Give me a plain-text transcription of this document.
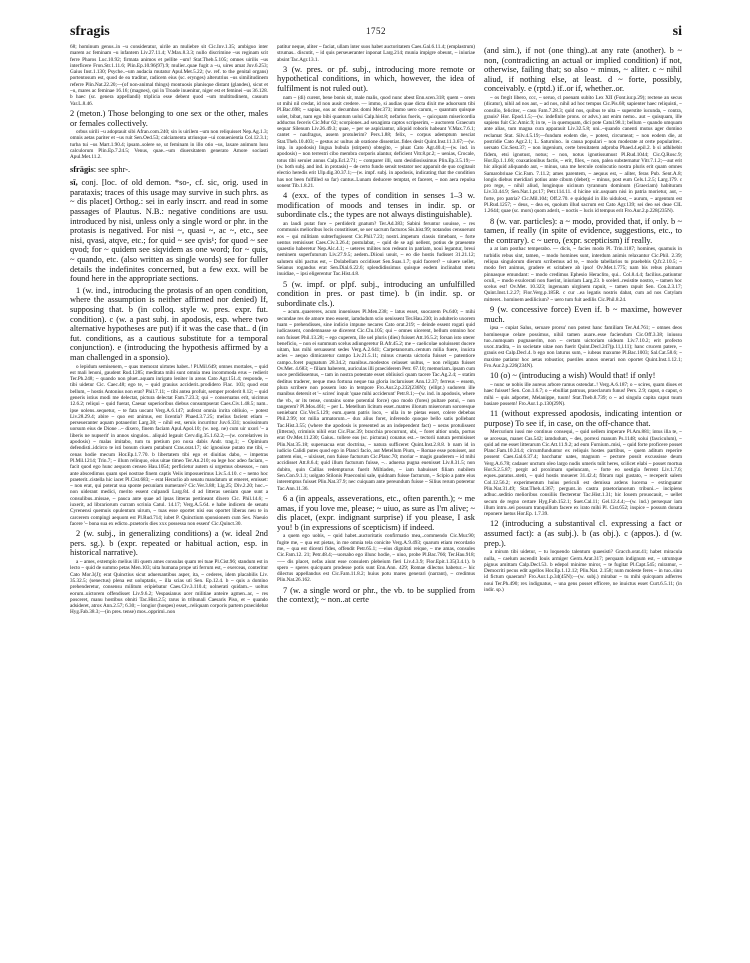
sfragis	1752	si

68; hominum genus..in ~u consideratur, uirile an muliebre sit Cic.Inv.1.35; ambiguo inter marem ac feminam ~u infantem Liv.27.11.4; V.Max.8.3.3; nullo discrimine ~us reginam scit ferre Pharos Luc.10.92; firmata animos et pellite ~um! Stat.Theb.5.105; omnes uirilis ~us interficere Fron.Str.1.11.6; Plin.Ep.10.96(97).9; mulier..quae fugit a ~u, uires amat Juv.6.253; Gaius Inst.1.130; Psyche..~um audacia mutatur Apul.Met.5.22; (w. ref. to the genital organs) portentosum est, quod de ea traditur, radicem eius (sc. erynges) alterutrius ~us similitudinem referre Plin.Nat.22.20;—(of non-animal things) montuosis planisque distant (glandes), sicut et ~u, mares ac feminae 16.16; (magnes), qui in Troade inuenitur, niger est et feminei ~us 36.128. b haec (sc. genera appellandi) triplicia esse debent quod ~um multitudinem, casuum Var.L.8.46.

2 (meton.) Those belonging to one sex or the other, males or females collectively.

orbus uirili ~u adoptauit sibi Afran.com.240; sin is uirilem ~um non reliquisset Nep.Ag.1.3; omnis aetas pariter et ~us ruit Sen.Oed.53; calciamenta utriusque ~ui conuenientia Col.12.3.1; turba tui ~us Mart.1.90.4; ipsam..solere se, ut feminam in illo otio ~us, laxare animum lusu calculorum Plin.Ep.7.24.5; Venus, quae..~um diuersitatem generato Amore sociasti Apul.Met.11.2.

sfrāgis: see sphr-.

sī, conj. [loc. of old demon. *so-, cf. sic, orig. used in parataxis; traces of this usage may survive in such phrs. as ~ dis placet] Orthog.: sei in early inscrr. and read in some passages of Plautus. N.B.: negative conditions are usu. introduced by nisi, unless only a single word or phr. in the protasis is negatived. For nisi ~, quasi ~, ac ~, etc., see nisi, qvasi, atqve, etc.; for quid ~ see qvis¹; for quod ~ see qvod; for ~ quidem see siqvidem as one word; for ~ quis, ~ quando, etc. (also written as single words) see for fuller details the indefinites concerned, but a few exx. will be found here in the appropriate sections.

1 (w. ind., introducing the protasis of an open condition, where the assumption is neither affirmed nor denied) If, supposing that. b (in colloq. style w. pres. expr. fut. condition). c (w. a past subj. in apodosis, esp. where two alternative hypotheses are put) if it was the case that.. d (in fut. conditions, as a cautious substitute for a temporal conjunction). e (introducing the hypothesis affirmed by a man challenged in a sponsio).

o lepidum semisenem, ~ quas memorat uirtutes habet..! Pl.Mil.649; omnes mortales, ~ quid est mali lenoni, gaudent Rud.1285; meditata mihi sunt omnia mea incommoda erus ~ redierit Ter.Ph.248; ~ quando non pluet..aquam inrigato leniter in areas Cato Agr.151.4; responde, ~ tibi uidetur Cic. Caec.48; ego te, ~ quid grauius acciderit..prodidero Flac. 103; quod erat bellum, ~ hostis Antonius non erat? Phil.7.11; ~ tibi antea profuit, semper proderit 8.12; ~ quid generis istius modi me delectat, pictura delectat Fam.7.23.3; qui ~ conseruatus erit, uicimus 12.6.2; reliqui ~ quid fuerat, Caesar superioribus diebus consumpserat Caes.Civ.1.48.5; nam.. ipse uolens..sequetur, ~ te fata uocant Verg.A.6.147; auferat omnia inrita obliuio, ~ potest Liv.28.29.4; abire ~ quo est animus, est licentia? Phaed.3.7.25; melius facient etiam ~ perseueranter aquam potauerint Larg.38; ~ nihil est, seruis incurritur Juv.6.331; nouissimum uorsum eius de Dione ..~ dixero, finem faciam Apul.Apol.10; (w. neg. ne) cum uir uxori '~ a liberis ne nupserit' in annos singulos.. aliquid legauit Cerv.dig.35.1.62.2;—(w. correlatives in apodosis) ~ malas imitabo, tum tu pretium pro noxa dabis Andr. trag.1; ~ Opimium defendisti..idcirco te isti bonum ciuem putabunt Cras.orat.17; sic ignouisse putato me tibi, ~ cenas hodie mecum Hor.Ep.1.7.70. b libertatem tibi ego et diuitias dabo, ~ impetras Pl.Mil.1214; Trin.7; ~ illum relinquo, eius uitae timeo Ter.An.210; ea lege hoc adeo faciam, ~ facit quod ego hunc aequom censeo Hau.1054; perficietur autem si urgemus obsessos, ~ non ante abscedimus quam spei nostrae finem captis Veiis imposuerimus Liv.5.4.10. c ~ nemo hoc praeterit..cistella hic iacet Pl.Cist.683; ~ erat Heraclio ab senatu mandatum ut emeret, emisset: ~ non erat, qui poterat sua sponte pecuniam numerare? Cic.Ver.3.88; Lig.25; Div.2.20; hoc..~ non uiderant medici, merito essent culpandi Larg.84. d ad litteras ueniam quae sunt a consulibus..missae, ~ pauca ante quae ad ipsas litteras pertineant dixero Cic. Phil.14.6; ~ iuxerit, ad librariorum curram scrinia Catul. 14.17; Verg.A.5.64. e habe indicem de senatu Cyrenensi quemuis opulentum uirum, ~ tuas esse oportet nisi eas oportet liberas neu te in carcerem compingi aequom est Pl.Rud.714; iubet P. Quinctium sponsionem cum Sex. Naeuio facere '~ bona sua ex edicto..praetoris dies xxx possessa non essent' Cic.Quinct.30.

2 (w. subj., in generalizing conditions) a (w. ideal 2nd pers. sg.). b (expr. repeated or habitual action, esp. in historical narrative).

a ~ ames, extemplo melius illi quem ames consulas quam rei tuae Pl.Cist.96; standum est in lecto ~ quid de summo petas Men.103; uita humana prope uti ferrum est, ~ exerceas, conteritur Cato Mor.3(J); erat Quinctius sicut aduersantibus asper, ita, ~ cederes, idem placabilis Liv. 35.32.5; (senectus) plena est uoluptatis, ~ illa scias uti Sen. Ep.12.4. b ~ quis a domino prehenderetur, consensu militum eripiebatur Caes.Civ.3.110.4; uolnerati quidam..~ uoltus eorum..uictorem offendisset Liv.9.6.2; Vespasianus acer militiae anteire agmen..ac, ~ res posceret, manu hostibus obniti Tac.Hist.2.5; rarus in tribunali Caesaris Piso, et ~ quando adsideret, atrox Ann.2.57; 6.30; ~ longior (hospes) esset,..reliquam corporis partem praecidebat Hyg.Fab.38.3;—(in pres. tense) mos..opprimi..non

patitur neque, aliter ~ faciat, ullam inter suos habet auctoritatem Caes.Gal.6.11.4; (emplastrum) strumas.. discutit, ~ id quis perseueranter inponat Larg.214; munia impigre obeunt, ~ iniuriae absint Tac.Agr.13.1.

3 (w. pres. or pf. subj., introducing more remote or hypothetical conditions, in which, however, the idea of fulfilment is not ruled out).

nam ~ (di) curent, bene bonis sit, male malis, quod nunc abest Enn.scen.318; quem ~ orem ut mihi nil credat, id non ausit credere. — immo, si audias quae dicta dixit me aduorsum tibi Pl.Bac.698; ~ sapias, eas ac decumbas domi Mer.373; immo uero carum, ~ quantum quisque uolet, bibat, nam ego bibi quantum uolui Calp.hist.8; nefarius fueris, ~ quicquam misericordia adductus feceris Cic.Mur 62; scorpiones..ad sexaginta captos scripserim, ~ auctorem Graecum sequar Silenum Liv.26.49.3; quae, ~ per se aspiciantur, aliquid roboris habeant V.Max.7.6.1; cantet ~ naufragus, assem protulerim? Pers.1.88; felix, ~ corpus ademptum nesciat Stat.Theb.10.403; ~ gestus ac uultus ab oratione dissentiat..fides desit Quint.Inst.11.3.67;—(w. imp. in apodosis) lingua bubula (stirpem) obtegito, ~ pluat Cato Agr.40.4;—(w. ind. in apodosis) ~ non terrestri cibo membra corporis alantur, deficient Vitr.8.pr.2; ~ uenias, Crocale, totus tibi seruiet annus Calp.Ecl.2.71; ~ comparer illi, sum desidiosissimus Plin.Ep.3.5.19;—(w. both subj. and ind. in protasis) ~ de certo fundo sensit testator nec apparuit de quo cogitauit electio heredis erit Ulp.dig.30.37.1;—(w. impf. subj. in apodosis, indicating that the condition has not been fulfilled so far) cantus..Lunam deducere temptat, et faceret, ~ non aera repulsa sonent Tib.1.8.21.

4 (exx. of the types of condition in senses 1–3 w. modification of moods and tenses in indir. sp. or subordinate cls.; the types are not always distinguishable).

an laudi putat fore ~ perdiderit gnatum? Ter.Ad.383; Sabini feruntur uouisse, ~ res communis melioribus locis constitisset, se uer sacrum facturos Sis.hist.99; notandos censuerunt eos ~ qui militiam subterfugissent Cic.Phil.7.23; nostri..impetum classis timebant, ~ forte uentus remisisset Caes.Civ.3.26.4; postulabat, ~ quid de se agi uellent, potius de praesente quaestio haberetur Nep.Alc.4.1; ~ ueteres milites non redeant in patriam, noui legantur, breui neminem superfuturum Liv.27.9.5; aedem..Diioui uouit, ~ eo die hostis fudisset 31.21.12; salutem sibi pactus est, ~ Dolabellam occidisset Sen.Suas.1.7; quid faceret? ~ uiuere uellet, Seianus rogandus erat Sen.Dial.6.22.6; splendidissimus quisque eodem inclinabat metu inuidiae, ~ ipsi eligerentur Tac.Hist.4.8.

5 (w. impf. or plpf. subj., introducing an unfulfilled condition in pres. or past time). b (in indir. sp. or subordinate cls.).

~ acum..quaereres, acum inuenisses Pl.Men.238; ~ latus esset, suocarem Ps.640; ~ mihi secundae res de amore meo essent, iamdudum scio uenissent Ter.Hau.230; in adulterio uxorem tuam ~ prehendisses, sine indicio impune necares Cato orat.219; ~ deinde essent rogati quid iudicassent, condemnasse se dicerent Cic.Clu.105; qui ~ omnes uicerent, bellum omnino hoc non fuisset Phil.13.28; ~ ego cuperem, ille uel pluris (dies) fuisset Att.16.5.2; forsan isto uterer beneficio, ~ non ei summum scelus adiungeretur B.Afr.45.2; me ~ caelicolae uoluissent ducere uitam, has mihi seruassent sedes Verg.A.2.641; Carpetanorum..centum milia fuere, inuicta acies ~ aequo dimicaretur campo Liv.21.5.11; minus cruenta uictoria fuisset ~ patentiore campo..foret pugnatum 28.34.2; manibus..modestos celasset uultus, ~ non religata fuisset Ov.Met. 4.683; ~ filiam haberem, auriculas illi praeciderem Petr. 67.10; memoriam..ipsam cum uoce perdidissemus, ~ tam in nostra potestate esset obliuisci quam tacere Tac.Ag.2.4; ~ statim deditus traderer, neque mea fortuna neque tua gloria inclaruisset Ann.12.37; ferreus ~ essem, plura scribere non possem isto in tempore Fro.Aur.2.p.232(236N); (ellipt.) sudorem ille manibus detersit et '~ scires' inquit 'quae mihi acciderunt' Petr.8.1;—(w. ind. in apodosis, where the vb., or its tense, contains some potential force) quo modo (fores) pultare potui, ~ non tangerem? Pl.Mos.461; ~ per L. Metellum licitum esset..matres illorum miserorum sororesque ueniebant Cic.Ver.5.129; eum..quem patris loco, ~ ulla in te pietas esset, colere debebas Phil.2.99; tot milia armatorum..~ dux alius foret, inferendo quoque bello satis pollebant Tac.Hist.3.55; (where the apodosis is presented as an independent fact) ~ ueras protulissent (litteras), criminis nihil erat Cic.Flac.39; bracchia procurrunt, ubi, ~ foret altior unda, portus erat Ov.Met.11.230; Gaius.. tollere eas (sc. picturas) conatus est..~ tectorii natura permisisset Plin.Nat.35.18; superuacua erat doctrina, ~ natura sufficeret Quint.Inst.2.8.8. b nam id in iudicio Calidi putes quod ego in Planci facio, aut Metellum Pium, ~ Romae esse potuisset, aut patrem eius, ~ uixisset, non fuisse facturum Cic.Planc.70; moriar ~ magis gauderem ~ id mihi accidisset Att.8.6.4; quid illum facturum fuisse, ~.. aduersa pugna euenisset Liv.8.31.5; non dubito, quin Callias redempturus fuerit Miltiaden, ~ iam habuisset filiam nubilem Sen.Con.9.1.1; uolgato Stilonis Praeconini sale, quidnam fuisse facturum, ~ Scipio a patre eius interemptus fuisset Plin.Nat.37.9; nec cuiquam ante pereundum fuisse ~ Silius rerum poteretur Tac.Ann.11.36.

6 a (in appeals, asseverations, etc., often parenth.); ~ me amas, if you love me, please; ~ uiuo, as sure as I'm alive; ~ dis placet, (expr. indignant surprise) if you please, I ask you! b (in expressions of scepticism) if indeed.

a quem ego uobis, ~ quid habet..auctoritatis confirmatio mea,..commendo Cic.Mur.90; fugite me, ~ qua est pietas, in me omnia tela conicite Verg.A.9.493; quarum etiam recordatio me, ~ qua est dicenti fides, offendit Petr.65.1; —eius dignitati reique, ~ me amas, consules Cic.Fam.12. 21; Petr.48.4;—uorsabo ego illunc hodie, ~ uiuo, probe Pl.Bac.766; Ter.Hau.918;—~ dis placet, nefas aiunt esse consulem plebeium fieri Liv.4.3.9; Flor.Epit.1.35(3.4.1). b spero ~ speres quicquam prodesse potis sunt Enn.Ann. 429; Romae dilectus habetur..~ hic dilectus appellandus est Cic.Fam.11.8.2; huius potu mares generari (narrant), ~ credimus Plin.Nat.26.162.

7 (w. a single word or phr., the vb. to be supplied from the context); ~ non..at certe

(and sim.), if not (one thing)..at any rate (another). b ~ non, (contradicting an actual or implied condition) if not, otherwise, failing that; so also ~ minus, ~ aliter. c ~ nihil aliud, if nothing else, at least. d ~ forte, possibly, conceivably. e (rptd.) if..or if, whether..or.

~ os fregit libero, ccc, ~ seruo, cl poenam subito Lex XII (Font.iur.p.29); rectene an secus (dicatur), nihil ad nos aut, ~ ad nos, nihil ad hoc tempus Cic.Pis.68; sapienter haec reliquisti, ~ consilio, feliciter, ~ casu Fam.7.28.3; quid nos, quibus te uita ~ superstite iucunda, ~ contra, grauis? Hor. Epod.1.5;—(w. indefinite prons. or advs.) aut enim nemo.. aut ~ quisquam, ille sapiens fuit Cic.Amic.9; in te, ~ in quemquam, dici pote Catul.98.1; bellum ~ quando umquam ante alias, tum magna cura apparauit Liv.32.5.8; uni..~quando canenti mutus ager domino reclamat Stat. Silv.4.5.19;—fundum eodem die, ~ potest, circumeat; ~ non eodem die, at postridie Cato Agr.2.1; L. Saturnino.. in causa populari ~ non moderate at certe populariter.. uersato Cic.Sest.37; ~ non ingenium, certe breuitatem adproba Phaed.4.epil.2. b si adhibebit fidem, etsi ignotust, notus; ~ non, notus ignotissumust Pl.Rud.1044; Cic.Q.Rosc.9; Hor.Ep.1.1.66; coaxationibus factis, ~ erit, filex, ~ non, palea substernatur Vitr.7.1.2;—aut erit hic aliquid aliquando aut, ~ minus, una me hercule conlocutio nostra pluris erit quam omnes Samarobriuae Cic.Fam. 7.11.2; ames parentem, ~ aequus est, ~ aliter, feras Pub. Sent.A.8; longis diebus meridiari potius ante cibum (debet); ~ minus, post eum Cels.1.2.5; Larg.179. c pro rege, ~ nihil aliud, longinquo uicinum tyrannum dominum (Graeciam) habituram Liv.33.44.9; Sen.Nat.1.pr.17; Petr.114.11. d hicine uir..usquam nisi in patria morietur, aut, ~ forte, pro patria? Cic.Mil.104; Off.2.70. e quidquid in illo uidulost, ~ aurum, ~ argentum est Pl.Rud.1257; ~ deus, ~ dea es, quoium illud sacrum est Cato Agr.139; sei deo sei deae CIL 1.2644; quae (sc. mors) quom aderit, ~ noctis ~ lucis id tempus erit Fro.Aur.2.p.228(235N).

8 (w. var. particles): a ~ modo, provided that, if only. b ~ tamen, if really (in spite of evidence, suggestions, etc., to the contrary). c ~ uero, (expr. scepticism) if really.

a at iam posthac temperabo. — dicis, ~ facies modo Pl. Trin.1187; homines, quamuis in turbidis rebus sint, tamen, ~ modo homines sunt, interdum animis relaxantur Cic.Phil. 2.39; reliqua singulorum dierum scribemus ad te, ~ modo tabellarios tu praebebis Q.fr.2.10.5; ~ modo fert animus, gradere et scitabere ab ipso! Ov.Met.1.775; nam bis rebus plumam pinnasque emundant: ~ modo credimus Ephesio Heraclito, qui.. Col.8.4.4; facilius..patiuntur oculi, ~ modo exulcerati non fuerint, iniuriam Larg.23. b sceleri..resistite nostro, ~ tamen hoc scelus est! Ov.Met. 10.323; ingenuam uirginem rapuit, ~ tamen rapuit Sen. Con.2.3.17; Quint.Inst.1.2.27; Flor.Verg.p.185R. c cur ..ea legatis nostris dabat, cum ad nos Cotylam mitteret.. hominem aedilicium? ~ uero tum fuit aedilis Cic.Phil.8.24.

9 (w. concessive force) Even if. b ~ maxime, however much.

ipsa ~ cupiat Salus, seruare prorsu' non potest hanc familiam Ter.Ad.761; ~ omnes deos hominesque celare possimus, nihil tamen auare..esse faciendum Cic.Off.3.38; iniussu tuo..numquam pugnauerim, non ~ certam uictoriam uideam Liv.7.10.2; erit profecto uxor..tradita, ~ in societate uitae non fuerit Quint.Decl.247(p.11,l.11); hanc crucem patere, ~ grauis est Calp.Decl.4. b ego non laturus sum, ~ iubeas maxume Pl.Bac.1003; Sal.Cat.58.6; ~ maxime patiatur hoc aetas robustior, pueriles annos onerari non oportet Quint.Inst.1.12.1; Fro.Aur.2.p.226(234N).

10 (o) ~ (introducing a wish) Would that! if only!

~ nunc se nobis ille aureus arbore ramus ostendat..! Verg.A.6.187; o ~ scires, quam diues et haec fuisset! Sen. Con.1.6.7; o ~ ebulliat patruus, praeclarum funus! Pers. 2.9; caput, o caput, o mihi ~ quis adportet, Melanippe, tuum! Stat.Theb.8.739; o ~ ad singula capita caput tuum basiare possem! Fro.Aur.1.p.130(29N).

11 (without expressed apodosis, indicating intention or purpose) To see if, in case, on the off-chance that.

Mercurium iussi me continuo consequi, ~ quid uellem imperare Pl.Am.881; intus illa te, ~ se arcessas, manet Cas.542; iamdudum, ~ des, porrexi manum Ps.1148; solui (fasciculum), ~ quid ad me esset litterarum Cic.Att.11.9.2; ad eum Furnium..misi, ~ quid forte proficere posset Planc.Fam.10.24.4; circumfunduntur ex reliquis hostes partibus, ~ quem aditum reperire possent Caes.Gal.6.37.4; bacchatur uates, magnum ~ pectore possit excussisse deum Verg.A.6.78; cadauer unctum oleo largo nudis umeris tulit heres, scilicet elabi ~ posset mortua Hor.S.2.5.87; pergit ad proximam speluncam, ~ forte eo uestigia ferrent Liv.1.7.6; eques..paratus..stetit, ~ quid hostis moueret 31.42.4; fibram rapi gustato, ~ receperit salem Col.12.56.2; experimentum huius periculi est demissa ardens lucerna ~ extinguatur Plin.Nat.31.49; Stat.Theb.4.367; pergunt..in castra praetorianorum tribuni..~ incipiens adhuc..seditio melioribus consiliis flecteretur Tac.Hist.1.31; hic Iouem prouocauit, ~ uellet secum de regno certare Hyg.Fab.152.1; Suet.Cal.11; Gel.12.4.4;—(w. ind.) persequar iam illum intro..sei possum tranquillum facere ex irato mihi Pl. Cist.652; inspice ~ possum donata reponere laetus Hor.Ep. 1.7.39.

12 (introducing a substantival cl. expressing a fact or assumed fact): a (as subj.). b (as obj.). c (appos.). d (w. prep.).

a mirum tibi uidetur, ~ tu loquendo talentum quaesisti? Gracch.orat.41; habet miracula nulla, ~ caelum ascendit Iouis armiger Germ.Arat.317; perquam indignum est, ~ utrumque pignus amittam Calp.Decl.53. b edepol minime miror, ~ te fugitat Pl.Capt.545; miramur, ~ Democriti pecus edit agellos Hor.Ep.1.12.12; Plin.Nat. 2.158; num moleste feres ~ in tuo..sinu id fictum quaeram? Fro.Aur.1.p.34(45N);—(w. subj.) mirabar ~ tu mihi quicquam adferres noui Ter.Ph.490; rex indignatus, ~ una gens posset efficere, ne inuictus esset Curt.6.5.11; (in indir. sp.)
